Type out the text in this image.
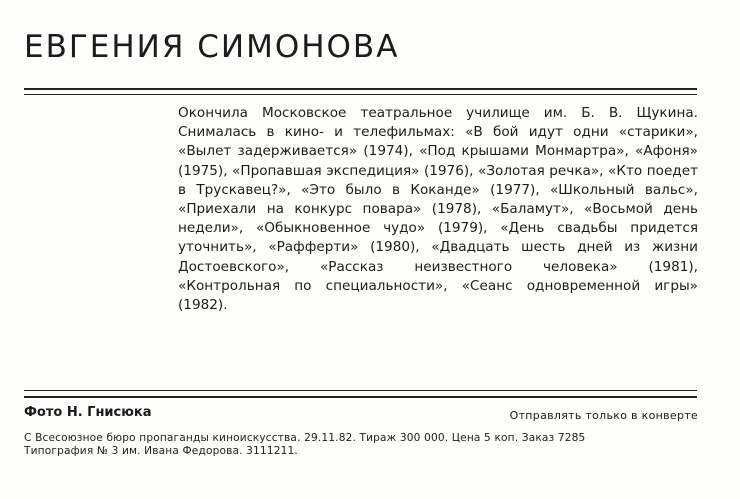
ЕВГЕНИЯ СИМОНОВА

Окончила Московское театральное училище им. Б. В. Щукина. Снималась в кино- и телефильмах: «В бой идут одни «старики», «Вылет задерживается» (1974), «Под крышами Монмартра», «Афоня» (1975), «Пропавшая экспедиция» (1976), «Золотая речка», «Кто поедет в Трускавец?», «Это было в Коканде» (1977), «Школьный вальс», «Приехали на конкурс повара» (1978), «Баламут», «Восьмой день недели», «Обыкновенное чудо» (1979), «День свадьбы придется уточнить», «Рафферти» (1980), «Двадцать шесть дней из жизни Достоевского», «Рассказ неизвестного человека» (1981), «Контрольная по специальности», «Сеанс одновременной игры» (1982).

Фото Н. Гнисюка	Отправлять только в конверте
С Всесоюзное бюро пропаганды киноискусства. 29.11.82. Тираж 300 000. Цена 5 коп. Заказ 7285
Типография № 3 им. Ивана Федорова. 3111211.
